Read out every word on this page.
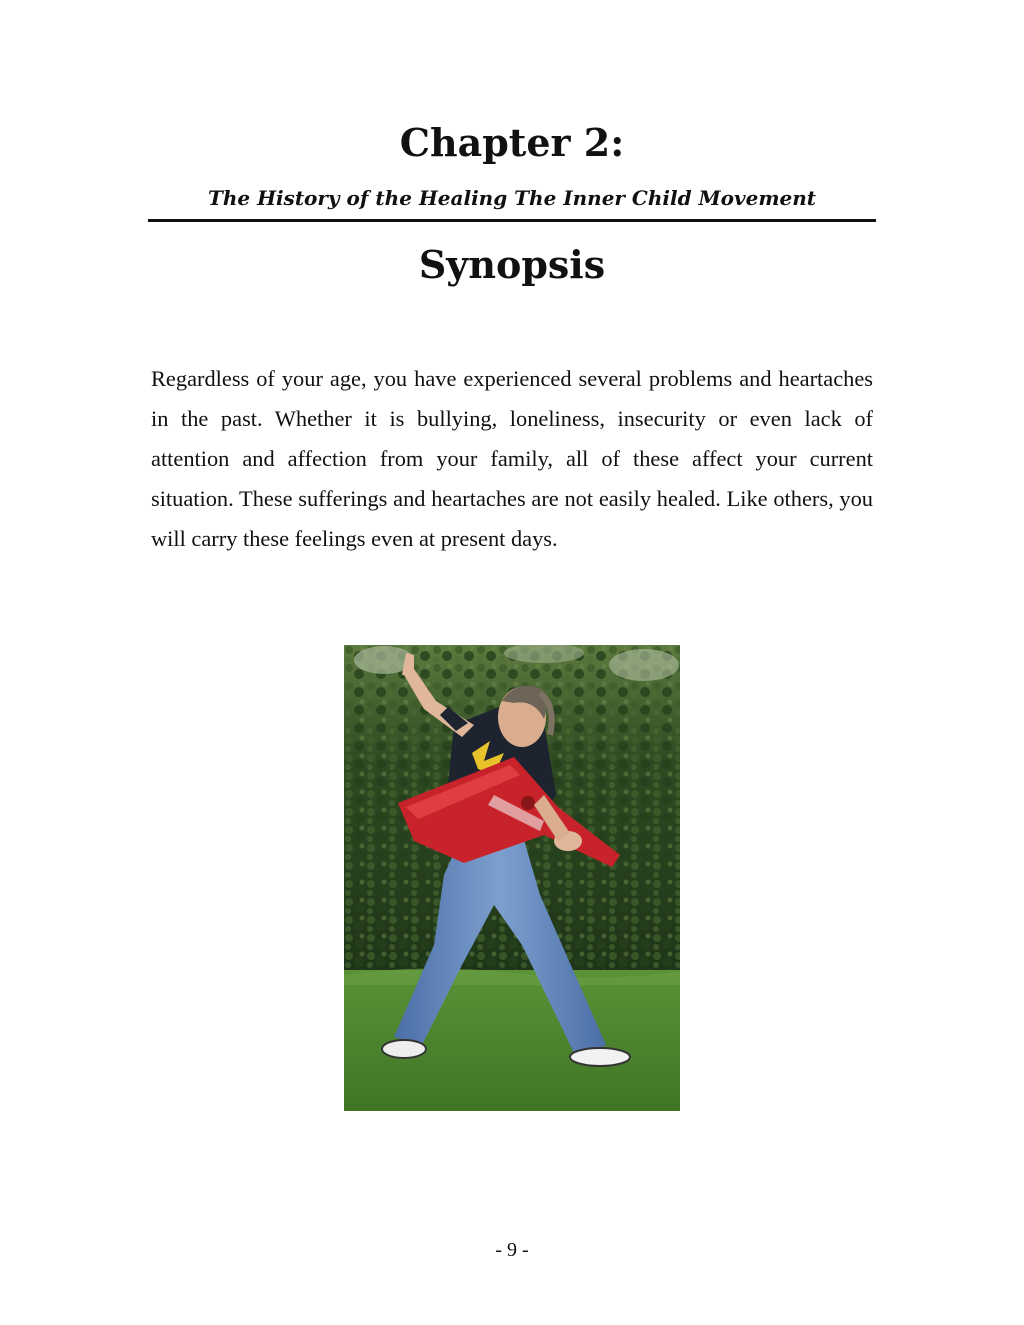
Chapter 2:
The History of the Healing The Inner Child Movement
Synopsis

Regardless of your age, you have experienced several problems and heartaches in the past. Whether it is bullying, loneliness, insecurity or even lack of attention and affection from your family, all of these affect your current situation. These sufferings and heartaches are not easily healed. Like others, you will carry these feelings even at present days.

- 9 -
